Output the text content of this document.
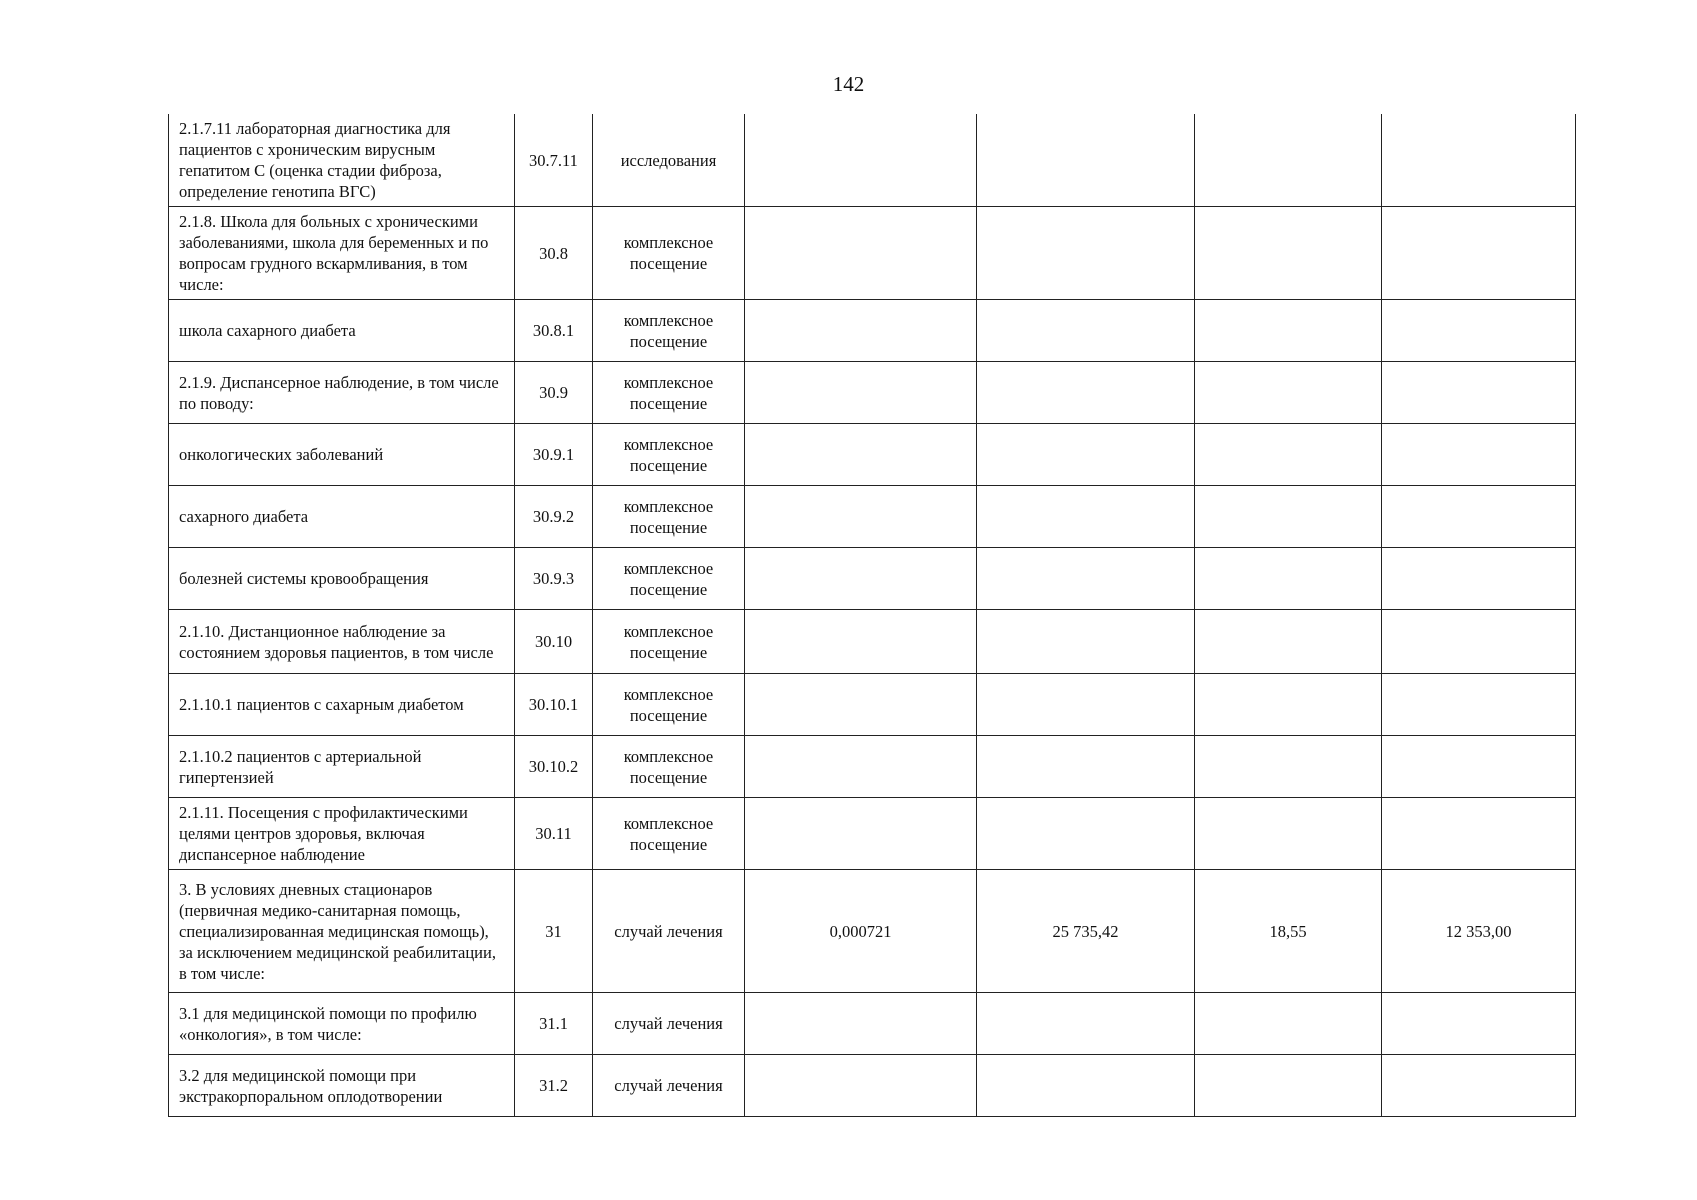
142
2.1.7.11 лабораторная диагностика для пациентов с хроническим вирусным гепатитом С (оценка стадии фиброза, определение генотипа ВГС)	30.7.11	исследования				
2.1.8. Школа для больных с хроническими заболеваниями, школа для беременных и по вопросам грудного вскармливания, в том числе:	30.8	комплексное посещение				
школа сахарного диабета	30.8.1	комплексное посещение				
2.1.9. Диспансерное наблюдение, в том числе по поводу:	30.9	комплексное посещение				
онкологических заболеваний	30.9.1	комплексное посещение				
сахарного диабета	30.9.2	комплексное посещение				
болезней системы кровообращения	30.9.3	комплексное посещение				
2.1.10. Дистанционное наблюдение за состоянием здоровья пациентов, в том числе	30.10	комплексное посещение				
2.1.10.1 пациентов с сахарным диабетом	30.10.1	комплексное посещение				
2.1.10.2 пациентов с артериальной гипертензией	30.10.2	комплексное посещение				
2.1.11. Посещения с профилактическими целями центров здоровья, включая диспансерное наблюдение	30.11	комплексное посещение				
3. В условиях дневных стационаров (первичная медико-санитарная помощь, специализированная медицинская помощь), за исключением медицинской реабилитации, в том числе:	31	случай лечения	0,000721	25 735,42	18,55	12 353,00
3.1 для медицинской помощи по профилю «онкология», в том числе:	31.1	случай лечения				
3.2 для медицинской помощи при экстракорпоральном оплодотворении	31.2	случай лечения				
